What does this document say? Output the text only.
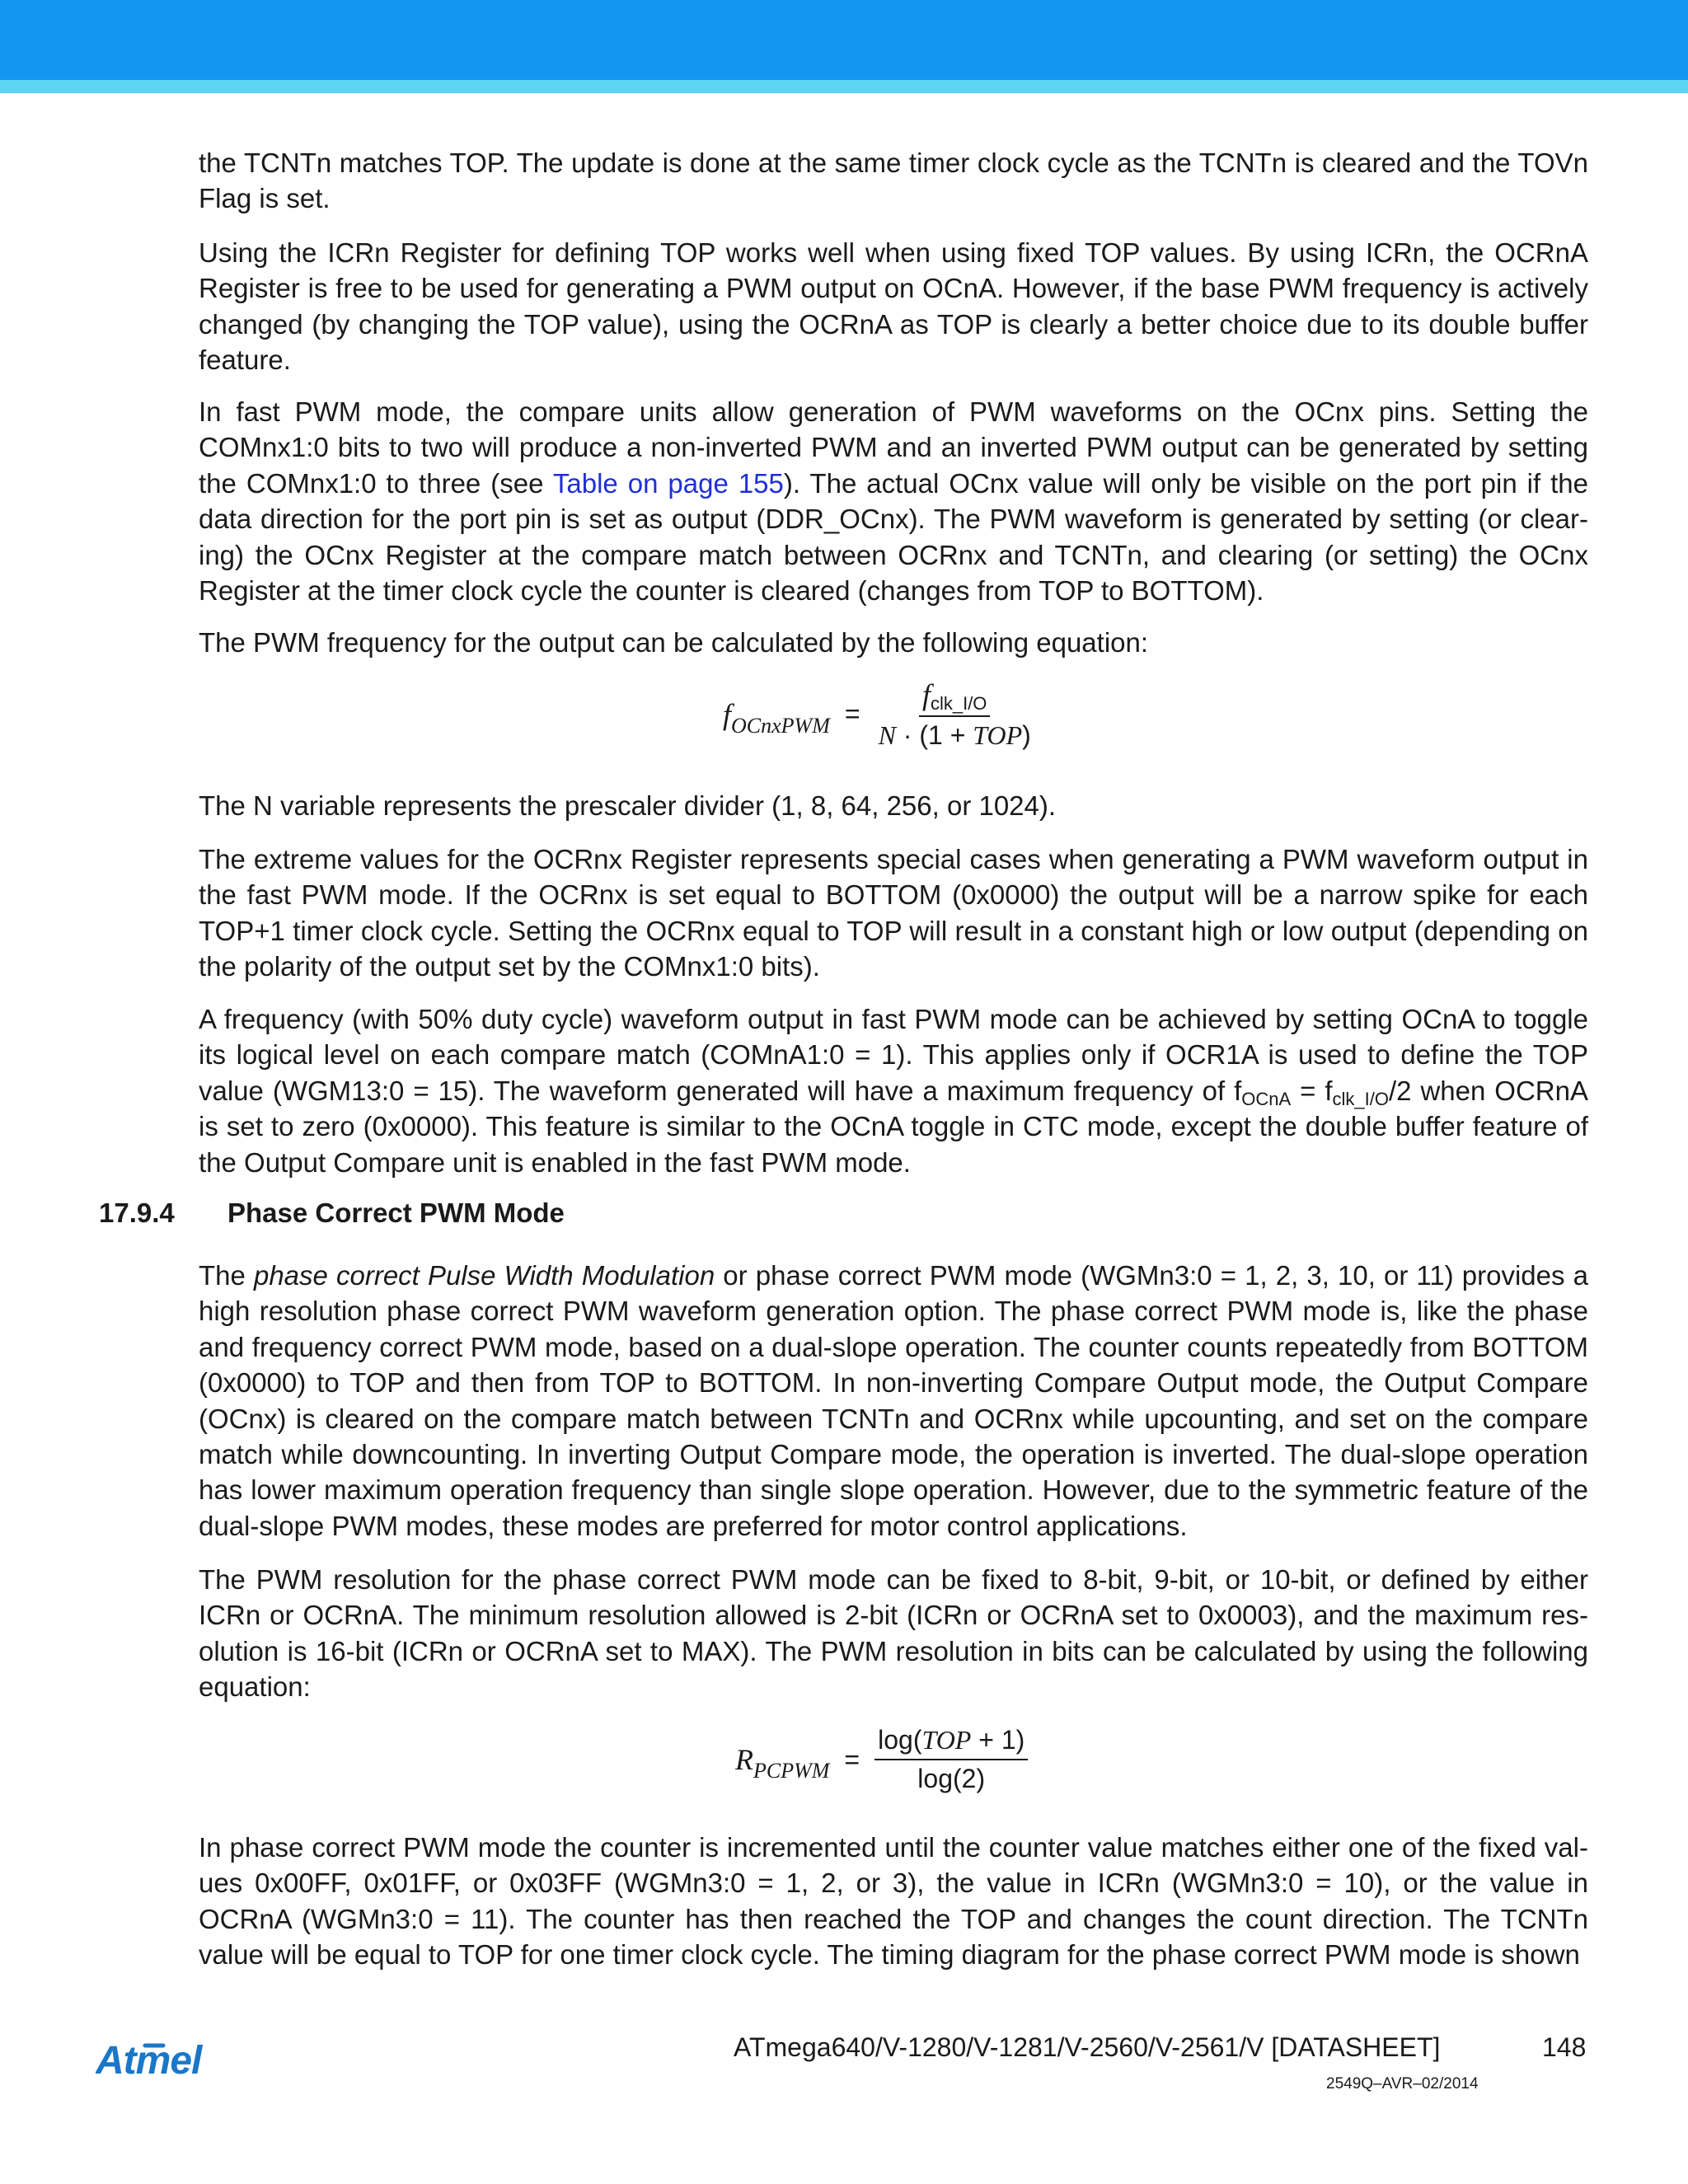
the TCNTn matches TOP. The update is done at the same timer clock cycle as the TCNTn is cleared and the TOVn Flag is set.

Using the ICRn Register for defining TOP works well when using fixed TOP values. By using ICRn, the OCRnA Register is free to be used for generating a PWM output on OCnA. However, if the base PWM frequency is actively changed (by changing the TOP value), using the OCRnA as TOP is clearly a better choice due to its double buffer feature.

In fast PWM mode, the compare units allow generation of PWM waveforms on the OCnx pins. Setting the COMnx1:0 bits to two will produce a non-inverted PWM and an inverted PWM output can be generated by setting the COMnx1:0 to three (see Table on page 155). The actual OCnx value will only be visible on the port pin if the data direction for the port pin is set as output (DDR_OCnx). The PWM waveform is generated by setting (or clearing) the OCnx Register at the compare match between OCRnx and TCNTn, and clearing (or setting) the OCnx Register at the timer clock cycle the counter is cleared (changes from TOP to BOTTOM).

The PWM frequency for the output can be calculated by the following equation:

$f_{OCnxPWM} = \frac{f_{clk\_I/O}}{\text{N · (1 + TOP)}}$

The N variable represents the prescaler divider (1, 8, 64, 256, or 1024).

The extreme values for the OCRnx Register represents special cases when generating a PWM waveform output in the fast PWM mode. If the OCRnx is set equal to BOTTOM (0x0000) the output will be a narrow spike for each TOP+1 timer clock cycle. Setting the OCRnx equal to TOP will result in a constant high or low output (depending on the polarity of the output set by the COMnx1:0 bits).

A frequency (with 50% duty cycle) waveform output in fast PWM mode can be achieved by setting OCnA to toggle its logical level on each compare match (COMnA1:0 = 1). This applies only if OCR1A is used to define the TOP value (WGM13:0 = 15). The waveform generated will have a maximum frequency of $f_{OCnA} = f_{clk\_I/O}/2$ when OCRnA is set to zero (0x0000). This feature is similar to the OCnA toggle in CTC mode, except the double buffer feature of the Output Compare unit is enabled in the fast PWM mode.

17.9.4 Phase Correct PWM Mode

The phase correct Pulse Width Modulation or phase correct PWM mode (WGMn3:0 = 1, 2, 3, 10, or 11) provides a high resolution phase correct PWM waveform generation option. The phase correct PWM mode is, like the phase and frequency correct PWM mode, based on a dual-slope operation. The counter counts repeatedly from BOTTOM (0x0000) to TOP and then from TOP to BOTTOM. In non-inverting Compare Output mode, the Output Compare (OCnx) is cleared on the compare match between TCNTn and OCRnx while upcounting, and set on the compare match while downcounting. In inverting Output Compare mode, the operation is inverted. The dual-slope operation has lower maximum operation frequency than single slope operation. However, due to the symmetric feature of the dual-slope PWM modes, these modes are preferred for motor control applications.

The PWM resolution for the phase correct PWM mode can be fixed to 8-bit, 9-bit, or 10-bit, or defined by either ICRn or OCRnA. The minimum resolution allowed is 2-bit (ICRn or OCRnA set to 0x0003), and the maximum resolution is 16-bit (ICRn or OCRnA set to MAX). The PWM resolution in bits can be calculated by using the following equation:

$R_{PCPWM} = \frac{\text{log(TOP + 1)}}{\log(2)}$

In phase correct PWM mode the counter is incremented until the counter value matches either one of the fixed values 0x00FF, 0x01FF, or 0x03FF (WGMn3:0 = 1, 2, or 3), the value in ICRn (WGMn3:0 = 10), or the value in OCRnA (WGMn3:0 = 11). The counter has then reached the TOP and changes the count direction. The TCNTn value will be equal to TOP for one timer clock cycle. The timing diagram for the phase correct PWM mode is shown

Atmel	ATmega640/V-1280/V-1281/V-2560/V-2561/V [DATASHEET]	148
2549Q–AVR–02/2014
